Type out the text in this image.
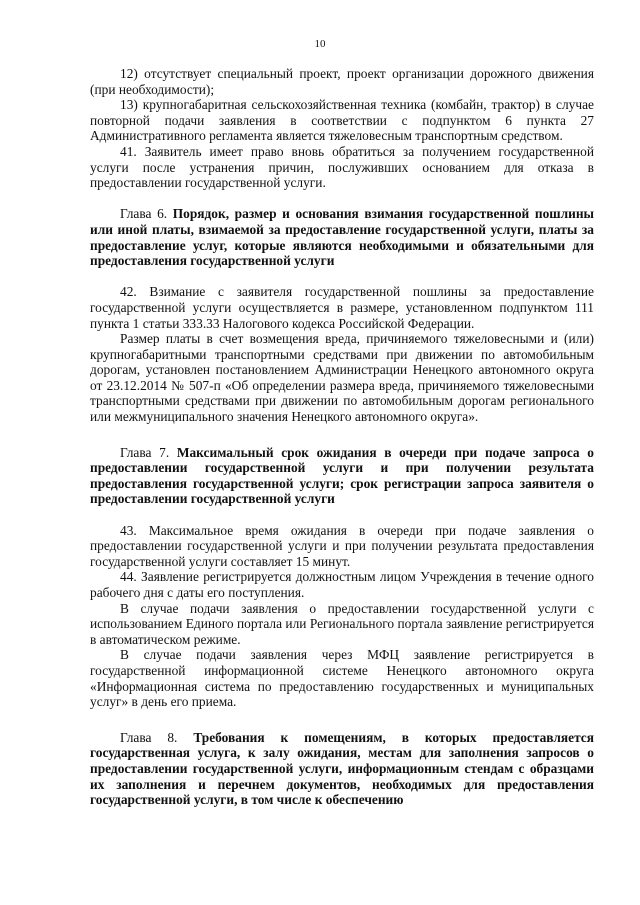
10

12) отсутствует специальный проект, проект организации дорожного движения (при необходимости);

13) крупногабаритная сельскохозяйственная техника (комбайн, трактор) в случае повторной подачи заявления в соответствии с подпунктом 6 пункта 27 Административного регламента является тяжеловесным транспортным средством.

41. Заявитель имеет право вновь обратиться за получением государственной услуги после устранения причин, послуживших основанием для отказа в предоставлении государственной услуги.

Глава 6. Порядок, размер и основания взимания государственной пошлины или иной платы, взимаемой за предоставление государственной услуги, платы за предоставление услуг, которые являются необходимыми и обязательными для предоставления государственной услуги

42. Взимание с заявителя государственной пошлины за предоставление государственной услуги осуществляется в размере, установленном подпунктом 111 пункта 1 статьи 333.33 Налогового кодекса Российской Федерации.

Размер платы в счет возмещения вреда, причиняемого тяжеловесными и (или) крупногабаритными транспортными средствами при движении по автомобильным дорогам, установлен постановлением Администрации Ненецкого автономного округа от 23.12.2014 № 507-п «Об определении размера вреда, причиняемого тяжеловесными транспортными средствами при движении по автомобильным дорогам регионального или межмуниципального значения Ненецкого автономного округа».

Глава 7. Максимальный срок ожидания в очереди при подаче запроса о предоставлении государственной услуги и при получении результата предоставления государственной услуги; срок регистрации запроса заявителя о предоставлении государственной услуги

43. Максимальное время ожидания в очереди при подаче заявления о предоставлении государственной услуги и при получении результата предоставления государственной услуги составляет 15 минут.

44. Заявление регистрируется должностным лицом Учреждения в течение одного рабочего дня с даты его поступления.

В случае подачи заявления о предоставлении государственной услуги с использованием Единого портала или Регионального портала заявление регистрируется в автоматическом режиме.

В случае подачи заявления через МФЦ заявление регистрируется в государственной информационной системе Ненецкого автономного округа «Информационная система по предоставлению государственных и муниципальных услуг» в день его приема.

Глава 8. Требования к помещениям, в которых предоставляется государственная услуга, к залу ожидания, местам для заполнения запросов о предоставлении государственной услуги, информационным стендам с образцами их заполнения и перечнем документов, необходимых для предоставления государственной услуги, в том числе к обеспечению
